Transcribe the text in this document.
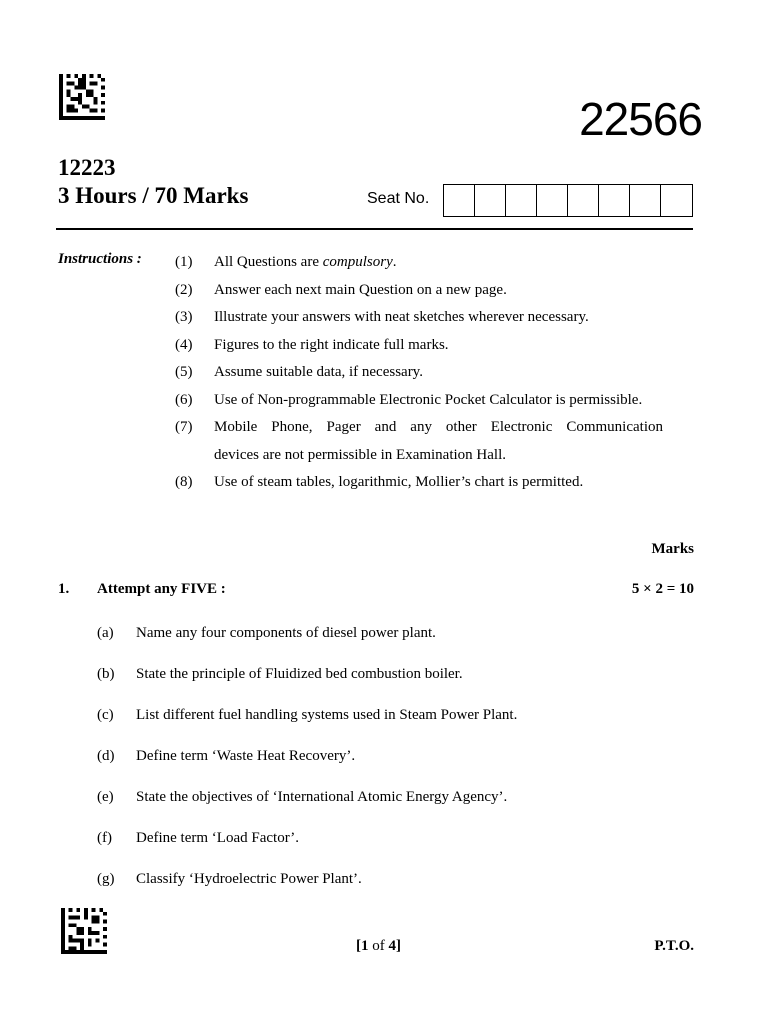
22566
12223
3 Hours / 70 Marks	Seat No.
Instructions : (1)	All Questions are compulsory.
(2)	Answer each next main Question on a new page.
(3)	Illustrate your answers with neat sketches wherever necessary.
(4)	Figures to the right indicate full marks.
(5)	Assume suitable data, if necessary.
(6)	Use of Non-programmable Electronic Pocket Calculator is permissible.
(7)	Mobile Phone, Pager and any other Electronic Communication
devices are not permissible in Examination Hall.
(8)	Use of steam tables, logarithmic, Mollier’s chart is permitted.
Marks
1. Attempt any FIVE :	5 × 2 = 10
(a)	Name any four components of diesel power plant.
(b)	State the principle of Fluidized bed combustion boiler.
(c)	List different fuel handling systems used in Steam Power Plant.
(d)	Define term ‘Waste Heat Recovery’.
(e)	State the objectives of ‘International Atomic Energy Agency’.
(f)	Define term ‘Load Factor’.
(g)	Classify ‘Hydroelectric Power Plant’.
[1 of 4]	P.T.O.
